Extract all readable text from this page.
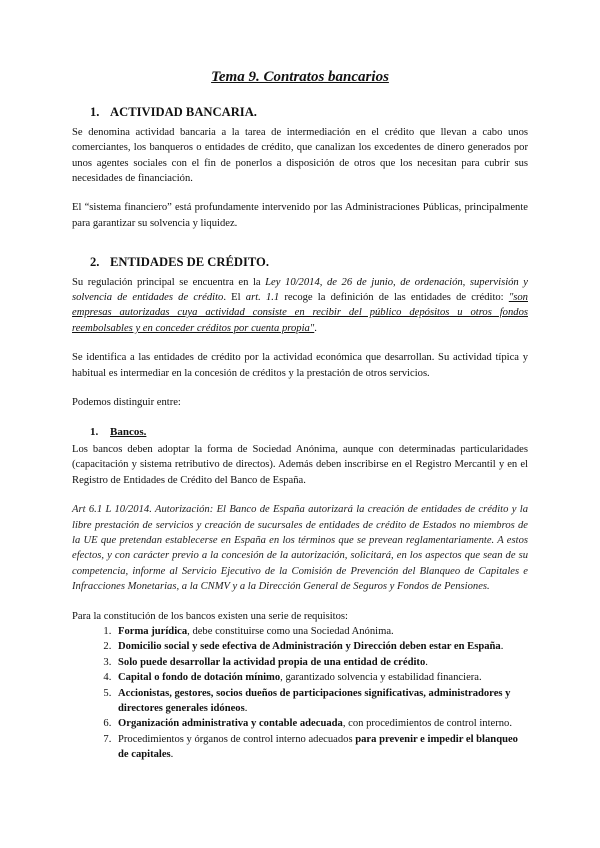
Tema 9. Contratos bancarios
1. ACTIVIDAD BANCARIA.

Se denomina actividad bancaria a la tarea de intermediación en el crédito que llevan a cabo unos comerciantes, los banqueros o entidades de crédito, que canalizan los excedentes de dinero generados por unos agentes sociales con el fin de ponerlos a disposición de otros que los necesitan para cubrir sus necesidades de financiación.

El “sistema financiero” está profundamente intervenido por las Administraciones Públicas, principalmente para garantizar su solvencia y liquidez.

2. ENTIDADES DE CRÉDITO.

Su regulación principal se encuentra en la Ley 10/2014, de 26 de junio, de ordenación, supervisión y solvencia de entidades de crédito. El art. 1.1 recoge la definición de las entidades de crédito: "son empresas autorizadas cuya actividad consiste en recibir del público depósitos u otros fondos reembolsables y en conceder créditos por cuenta propia".

Se identifica a las entidades de crédito por la actividad económica que desarrollan. Su actividad típica y habitual es intermediar en la concesión de créditos y la prestación de otros servicios.

Podemos distinguir entre:

1. Bancos.

Los bancos deben adoptar la forma de Sociedad Anónima, aunque con determinadas particularidades (capacitación y sistema retributivo de directos). Además deben inscribirse en el Registro Mercantil y en el Registro de Entidades de Crédito del Banco de España.

Art 6.1 L 10/2014. Autorización: El Banco de España autorizará la creación de entidades de crédito y la libre prestación de servicios y creación de sucursales de entidades de crédito de Estados no miembros de la UE que pretendan establecerse en España en los términos que se prevean reglamentariamente. A estos efectos, y con carácter previo a la concesión de la autorización, solicitará, en los aspectos que sean de su competencia, informe al Servicio Ejecutivo de la Comisión de Prevención del Blanqueo de Capitales e Infracciones Monetarias, a la CNMV y a la Dirección General de Seguros y Fondos de Pensiones.

Para la constitución de los bancos existen una serie de requisitos:

1. Forma jurídica, debe constituirse como una Sociedad Anónima.
2. Domicilio social y sede efectiva de Administración y Dirección deben estar en España.
3. Solo puede desarrollar la actividad propia de una entidad de crédito.
4. Capital o fondo de dotación mínimo, garantizado solvencia y estabilidad financiera.
5. Accionistas, gestores, socios dueños de participaciones significativas, administradores y directores generales idóneos.
6. Organización administrativa y contable adecuada, con procedimientos de control interno.
7. Procedimientos y órganos de control interno adecuados para prevenir e impedir el blanqueo de capitales.
